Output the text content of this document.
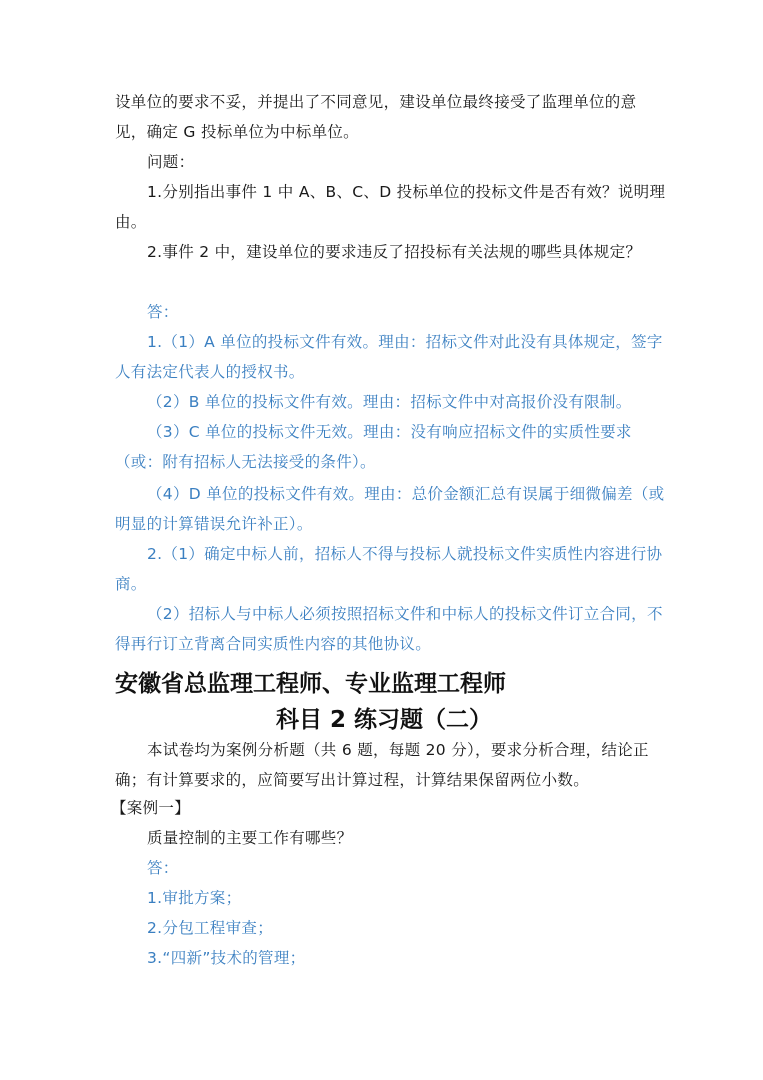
设单位的要求不妥，并提出了不同意见，建设单位最终接受了监理单位的意
见，确定 G 投标单位为中标单位。
问题：
1.分别指出事件 1 中 A、B、C、D 投标单位的投标文件是否有效？说明理
由。
2.事件 2 中，建设单位的要求违反了招投标有关法规的哪些具体规定？
答：
1.（1）A 单位的投标文件有效。理由：招标文件对此没有具体规定，签字
人有法定代表人的授权书。
（2）B 单位的投标文件有效。理由：招标文件中对高报价没有限制。
（3）C 单位的投标文件无效。理由：没有响应招标文件的实质性要求
（或：附有招标人无法接受的条件）。
（4）D 单位的投标文件有效。理由：总价金额汇总有误属于细微偏差（或
明显的计算错误允许补正）。
2.（1）确定中标人前，招标人不得与投标人就投标文件实质性内容进行协
商。
（2）招标人与中标人必须按照招标文件和中标人的投标文件订立合同，不
得再行订立背离合同实质性内容的其他协议。
安徽省总监理工程师、专业监理工程师
科目 2 练习题（二）
本试卷均为案例分析题（共 6 题，每题 20 分），要求分析合理，结论正
确；有计算要求的，应简要写出计算过程，计算结果保留两位小数。
【案例一】
质量控制的主要工作有哪些？
答：
1.审批方案；
2.分包工程审查；
3.“四新”技术的管理；
